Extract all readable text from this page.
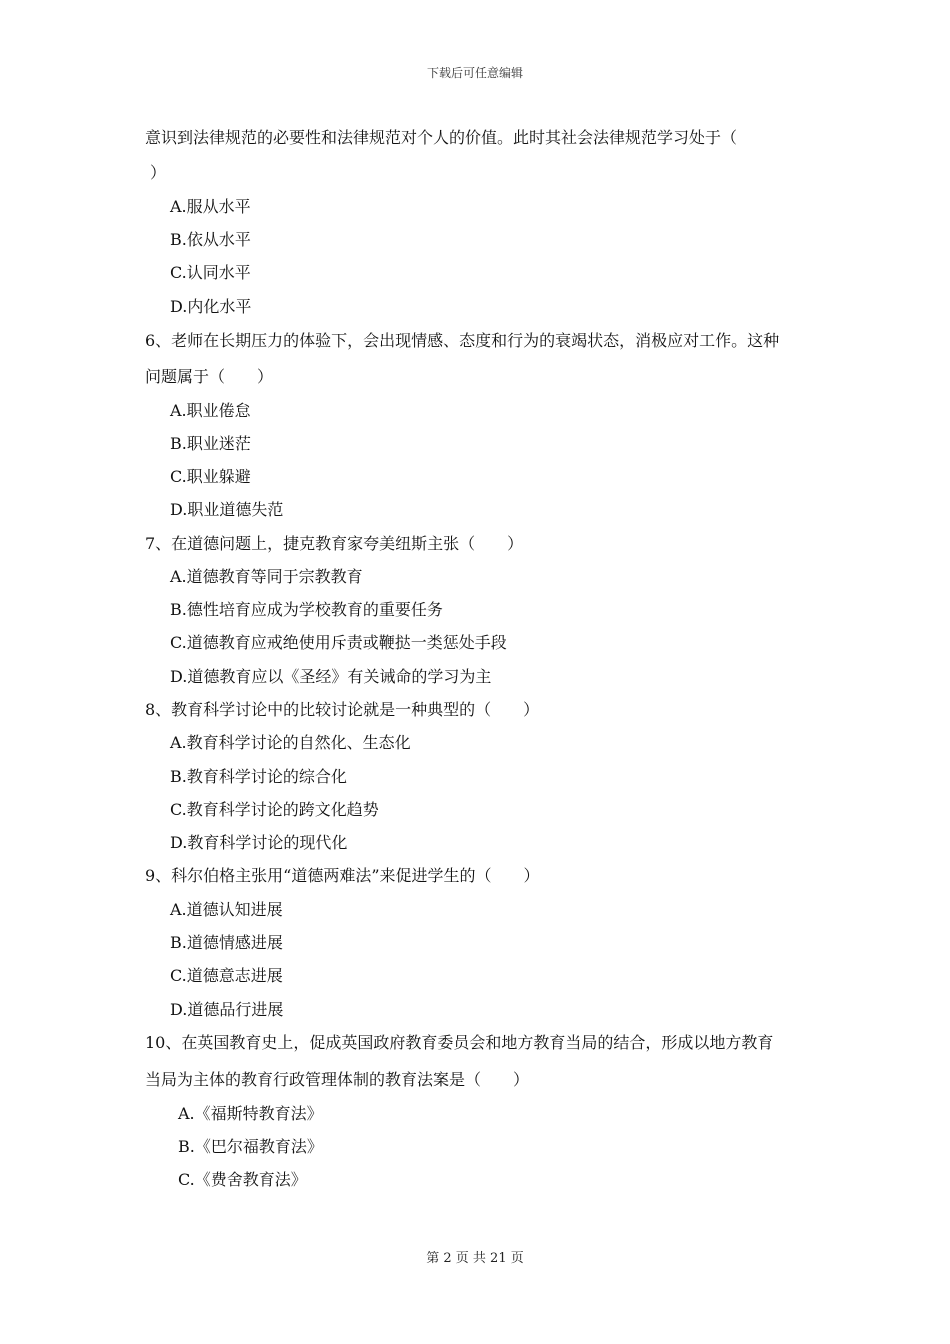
下载后可任意编辑
意识到法律规范的必要性和法律规范对个人的价值。此时其社会法律规范学习处于（
）
A.服从水平
B.依从水平
C.认同水平
D.内化水平
6、老师在长期压力的体验下，会出现情感、态度和行为的衰竭状态，消极应对工作。这种
问题属于（　　）
A.职业倦怠
B.职业迷茫
C.职业躲避
D.职业道德失范
7、在道德问题上，捷克教育家夸美纽斯主张（　　）
A.道德教育等同于宗教教育
B.德性培育应成为学校教育的重要任务
C.道德教育应戒绝使用斥责或鞭挞一类惩处手段
D.道德教育应以《圣经》有关诫命的学习为主
8、教育科学讨论中的比较讨论就是一种典型的（　　）
A.教育科学讨论的自然化、生态化
B.教育科学讨论的综合化
C.教育科学讨论的跨文化趋势
D.教育科学讨论的现代化
9、科尔伯格主张用“道德两难法”来促进学生的（　　）
A.道德认知进展
B.道德情感进展
C.道德意志进展
D.道德品行进展
10、在英国教育史上，促成英国政府教育委员会和地方教育当局的结合，形成以地方教育
当局为主体的教育行政管理体制的教育法案是（　　）
A.《福斯特教育法》
B.《巴尔福教育法》
C.《费舍教育法》
第 2 页 共 21 页
